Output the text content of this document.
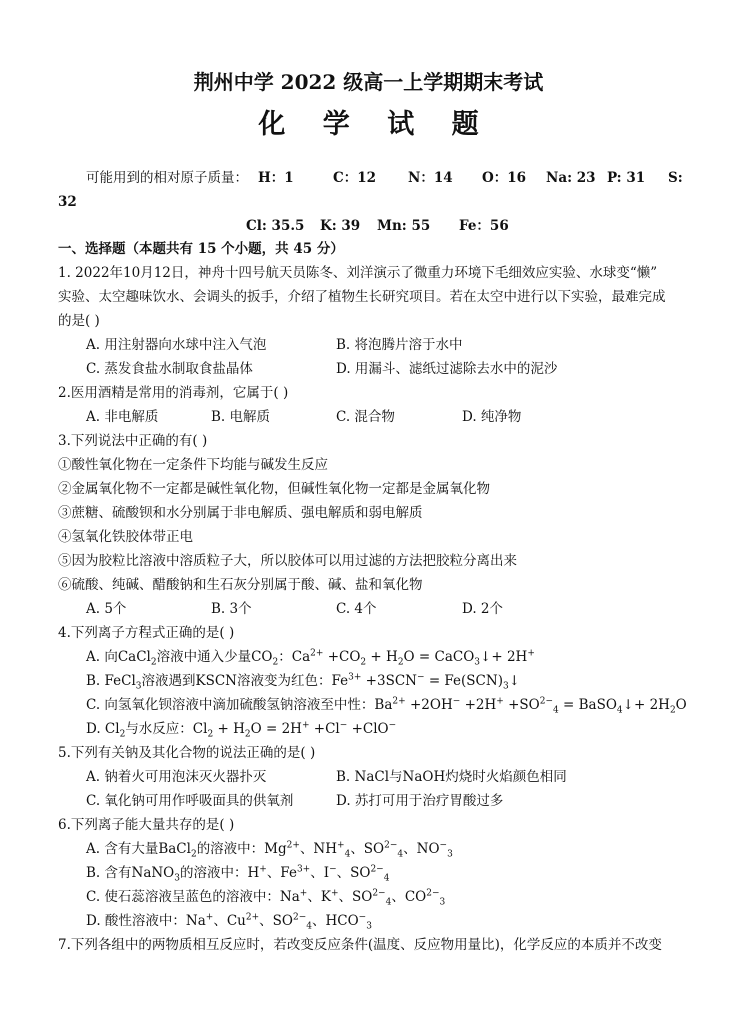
荆州中学 2022 级高一上学期期末考试
化 学 试 题
可能用到的相对原子质量： H：1	C：12 N：14 O：16 Na: 23 P: 31 S:
32
Cl: 35.5 K: 39 Mn: 55 Fe：56
一、选择题（本题共有 15 个小题，共 45 分）
1. 2022年10月12日，神舟十四号航天员陈冬、刘洋演示了微重力环境下毛细效应实验、水球变“懒”
实验、太空趣味饮水、会调头的扳手，介绍了植物生长研究项目。若在太空中进行以下实验，最难完成
的是( )
A. 用注射器向水球中注入气泡	B. 将泡腾片溶于水中
C. 蒸发食盐水制取食盐晶体	D. 用漏斗、滤纸过滤除去水中的泥沙
2.医用酒精是常用的消毒剂，它属于( )
A. 非电解质	B. 电解质	C. 混合物	D. 纯净物
3.下列说法中正确的有( )
①酸性氧化物在一定条件下均能与碱发生反应
②金属氧化物不一定都是碱性氧化物，但碱性氧化物一定都是金属氧化物
③蔗糖、硫酸钡和水分别属于非电解质、强电解质和弱电解质
④氢氧化铁胶体带正电
⑤因为胶粒比溶液中溶质粒子大，所以胶体可以用过滤的方法把胶粒分离出来
⑥硫酸、纯碱、醋酸钠和生石灰分别属于酸、碱、盐和氧化物
A. 5个	B. 3个	C. 4个	D. 2个
4.下列离子方程式正确的是( )
A. 向CaCl$_2$溶液中通入少量$CO_2$：$Ca^{2+} +CO_2 + H_2O$ = CaCO$_3$↓+ 2H+
B. FeCl$_3$溶液遇到KSCN溶液变为红色：$Fe^{3+} +3SCN^-$ = $Fe(SCN)_3↓$
C. 向氢氧化钡溶液中滴加硫酸氢钠溶液至中性：$Ba^{2+} +2OH^- +2H^+ +SO^{2-}_4$ = BaSO$_4$↓+ $2H_2O$
D. $Cl_2$与水反应：$Cl_2 + H_2O = 2H^+ +Cl^- +ClO^-$
5.下列有关钠及其化合物的说法正确的是( )
A. 钠着火可用泡沫灭火器扑灭	B. NaCl与NaOH灼烧时火焰颜色相同
C. 氧化钠可用作呼吸面具的供氧剂	D. 苏打可用于治疗胃酸过多
6.下列离子能大量共存的是( )
A. 含有大量BaCl$_2$的溶液中：$Mg^{2+}$、$NH^+_4$、$SO^{2-}_4$、$NO^-_3$
B. 含有NaNO$_3$的溶液中：H+、$Fe^{3+}$、I−、$SO^{2-}_4$
C. 使石蕊溶液呈蓝色的溶液中：Na+、K+、$SO^{2-}_4$、$CO^{2-}_3$
D. 酸性溶液中：Na+、$Cu^{2+}$、$SO^{2-}_4$、$HCO^-_3$
7.下列各组中的两物质相互反应时，若改变反应条件(温度、反应物用量比)，化学反应的本质并不改变
